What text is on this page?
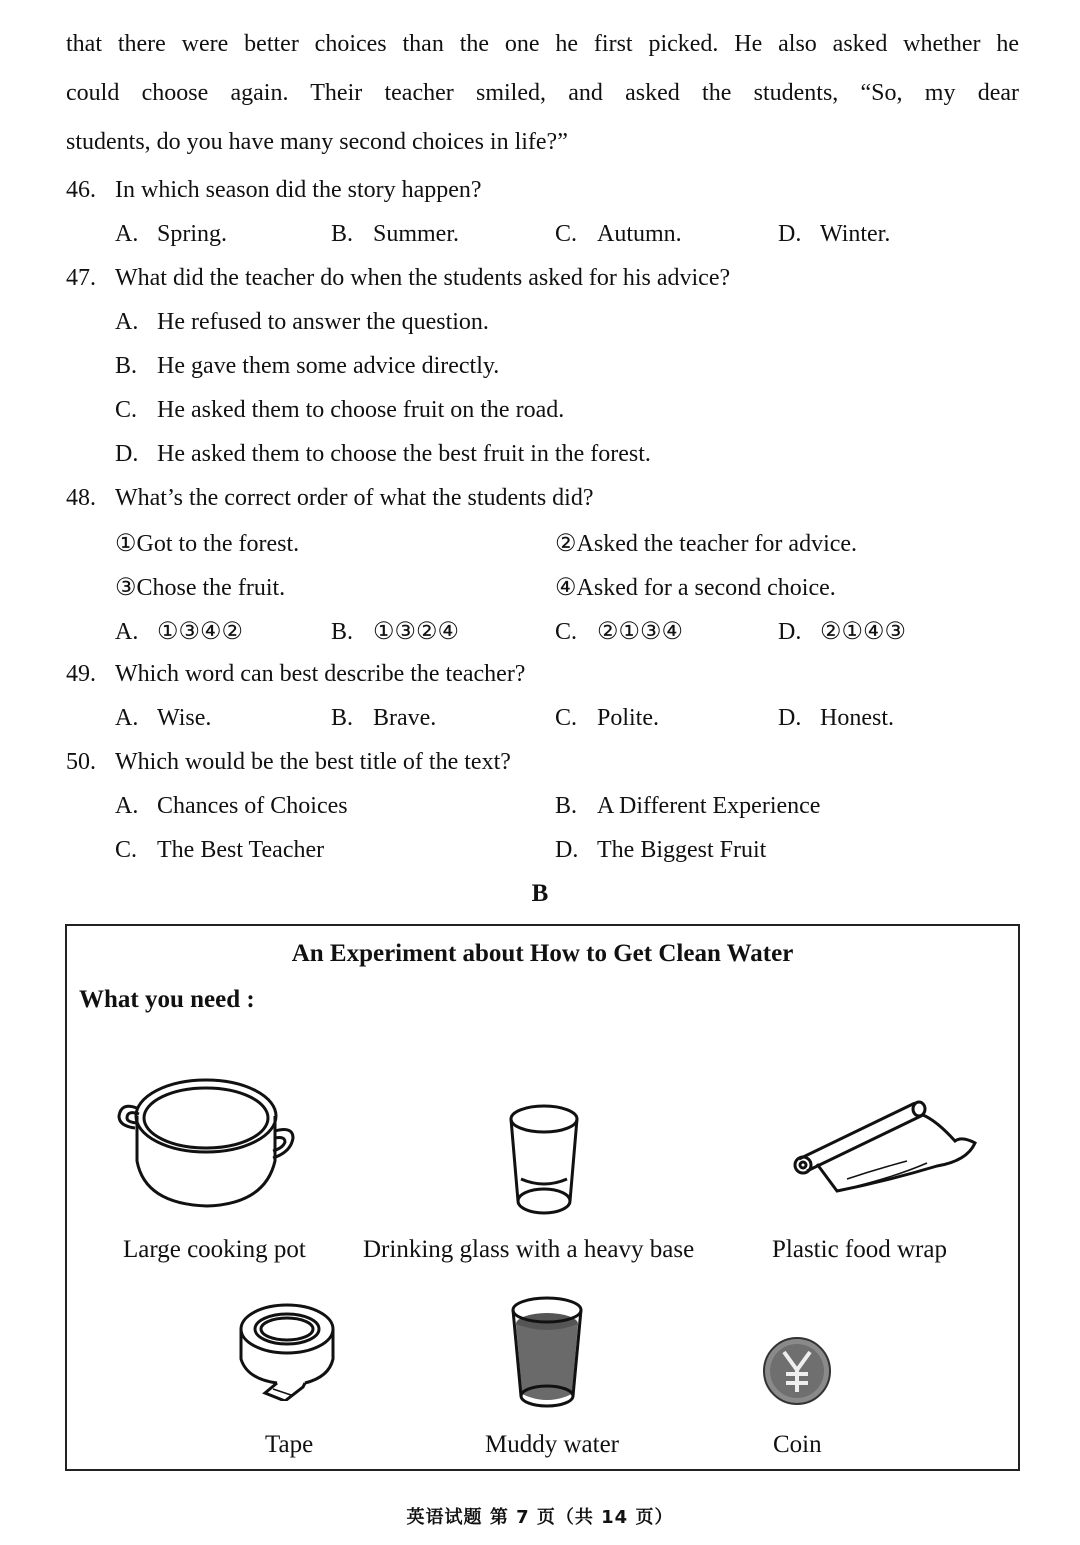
that there were better choices than the one he first picked. He also asked whether he
could choose again. Their teacher smiled, and asked the students, “So, my dear
students, do you have many second choices in life?”
46. In which season did the story happen?
A. Spring.	B. Summer.	C. Autumn.	D. Winter.
47. What did the teacher do when the students asked for his advice?
A. He refused to answer the question.
B. He gave them some advice directly.
C. He asked them to choose fruit on the road.
D. He asked them to choose the best fruit in the forest.
48. What’s the correct order of what the students did?
①Got to the forest.	②Asked the teacher for advice.
③Chose the fruit.	④Asked for a second choice.
A. ①③④②	B. ①③②④	C. ②①③④	D. ②①④③
49. Which word can best describe the teacher?
A. Wise.	B. Brave.	C. Polite.	D. Honest.
50. Which would be the best title of the text?
A. Chances of Choices	B. A Different Experience
C. The Best Teacher	D. The Biggest Fruit
B
An Experiment about How to Get Clean Water
What you need :
Large cooking pot Drinking glass with a heavy base	Plastic food wrap
Tape	Muddy water	Coin
英语试题 第 7 页（共 14 页）
